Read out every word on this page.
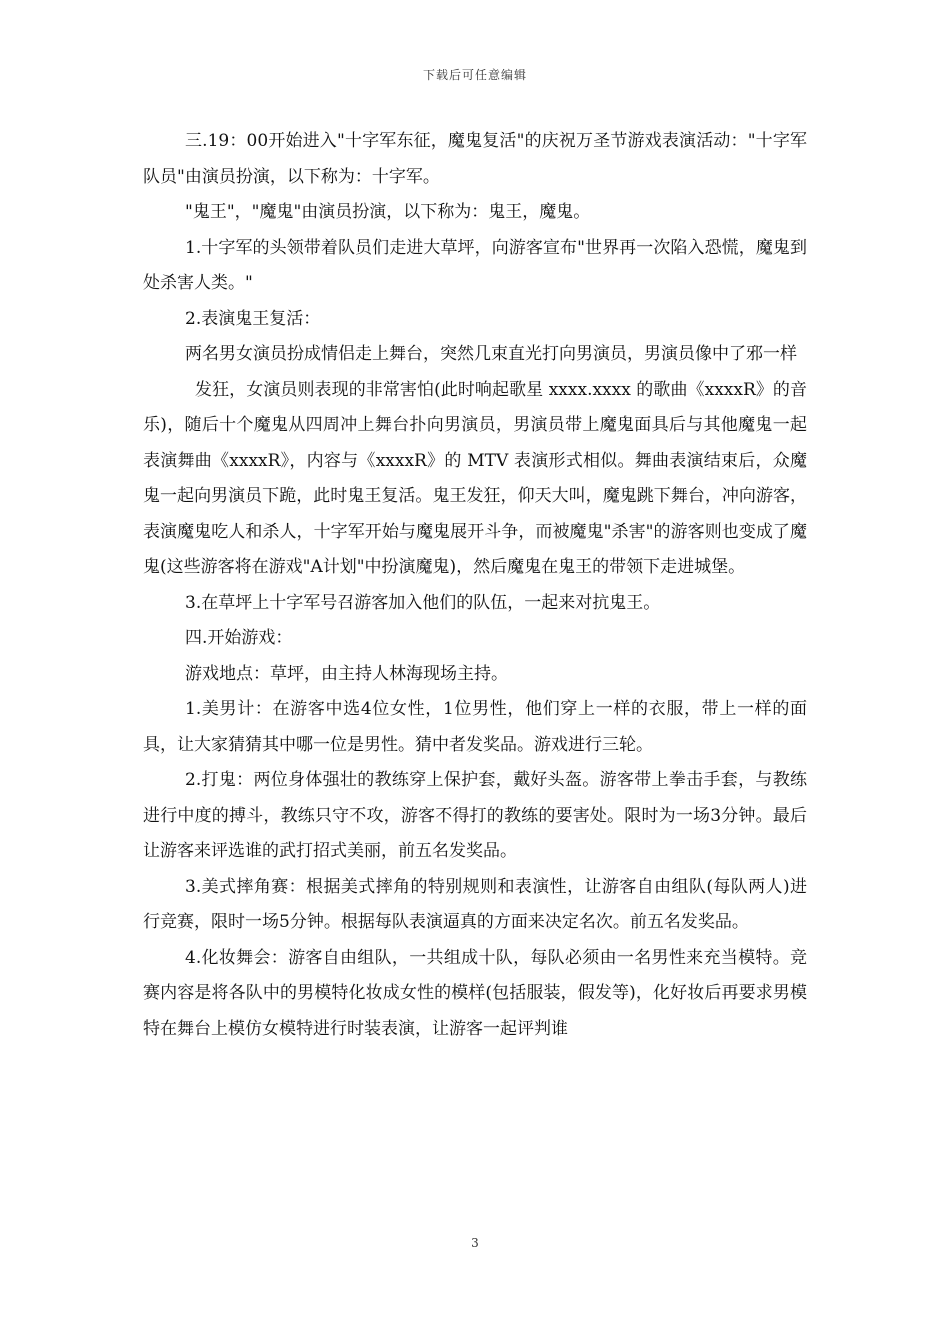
下载后可任意编辑

三.19：00开始进入"十字军东征，魔鬼复活"的庆祝万圣节游戏表演活动："十字军队员"由演员扮演，以下称为：十字军。

"鬼王"，"魔鬼"由演员扮演，以下称为：鬼王，魔鬼。

1.十字军的头领带着队员们走进大草坪，向游客宣布"世界再一次陷入恐慌，魔鬼到处杀害人类。"

2.表演鬼王复活：

两名男女演员扮成情侣走上舞台，突然几束直光打向男演员，男演员像中了邪一样

发狂，女演员则表现的非常害怕(此时响起歌星 xxxx.xxxx 的歌曲《xxxxR》的音乐)，随后十个魔鬼从四周冲上舞台扑向男演员，男演员带上魔鬼面具后与其他魔鬼一起表演舞曲《xxxxR》，内容与《xxxxR》的 MTV 表演形式相似。舞曲表演结束后，众魔鬼一起向男演员下跪，此时鬼王复活。鬼王发狂，仰天大叫，魔鬼跳下舞台，冲向游客，表演魔鬼吃人和杀人，十字军开始与魔鬼展开斗争，而被魔鬼"杀害"的游客则也变成了魔鬼(这些游客将在游戏"A计划"中扮演魔鬼)，然后魔鬼在鬼王的带领下走进城堡。

3.在草坪上十字军号召游客加入他们的队伍，一起来对抗鬼王。

四.开始游戏：

游戏地点：草坪，由主持人林海现场主持。

1.美男计：在游客中选4位女性，1位男性，他们穿上一样的衣服，带上一样的面具，让大家猜猜其中哪一位是男性。猜中者发奖品。游戏进行三轮。

2.打鬼：两位身体强壮的教练穿上保护套，戴好头盔。游客带上拳击手套，与教练进行中度的搏斗，教练只守不攻，游客不得打的教练的要害处。限时为一场3分钟。最后让游客来评选谁的武打招式美丽，前五名发奖品。

3.美式摔角赛：根据美式摔角的特别规则和表演性，让游客自由组队(每队两人)进行竞赛，限时一场5分钟。根据每队表演逼真的方面来决定名次。前五名发奖品。

4.化妆舞会：游客自由组队，一共组成十队，每队必须由一名男性来充当模特。竞赛内容是将各队中的男模特化妆成女性的模样(包括服装，假发等)，化好妆后再要求男模特在舞台上模仿女模特进行时装表演，让游客一起评判谁

3
